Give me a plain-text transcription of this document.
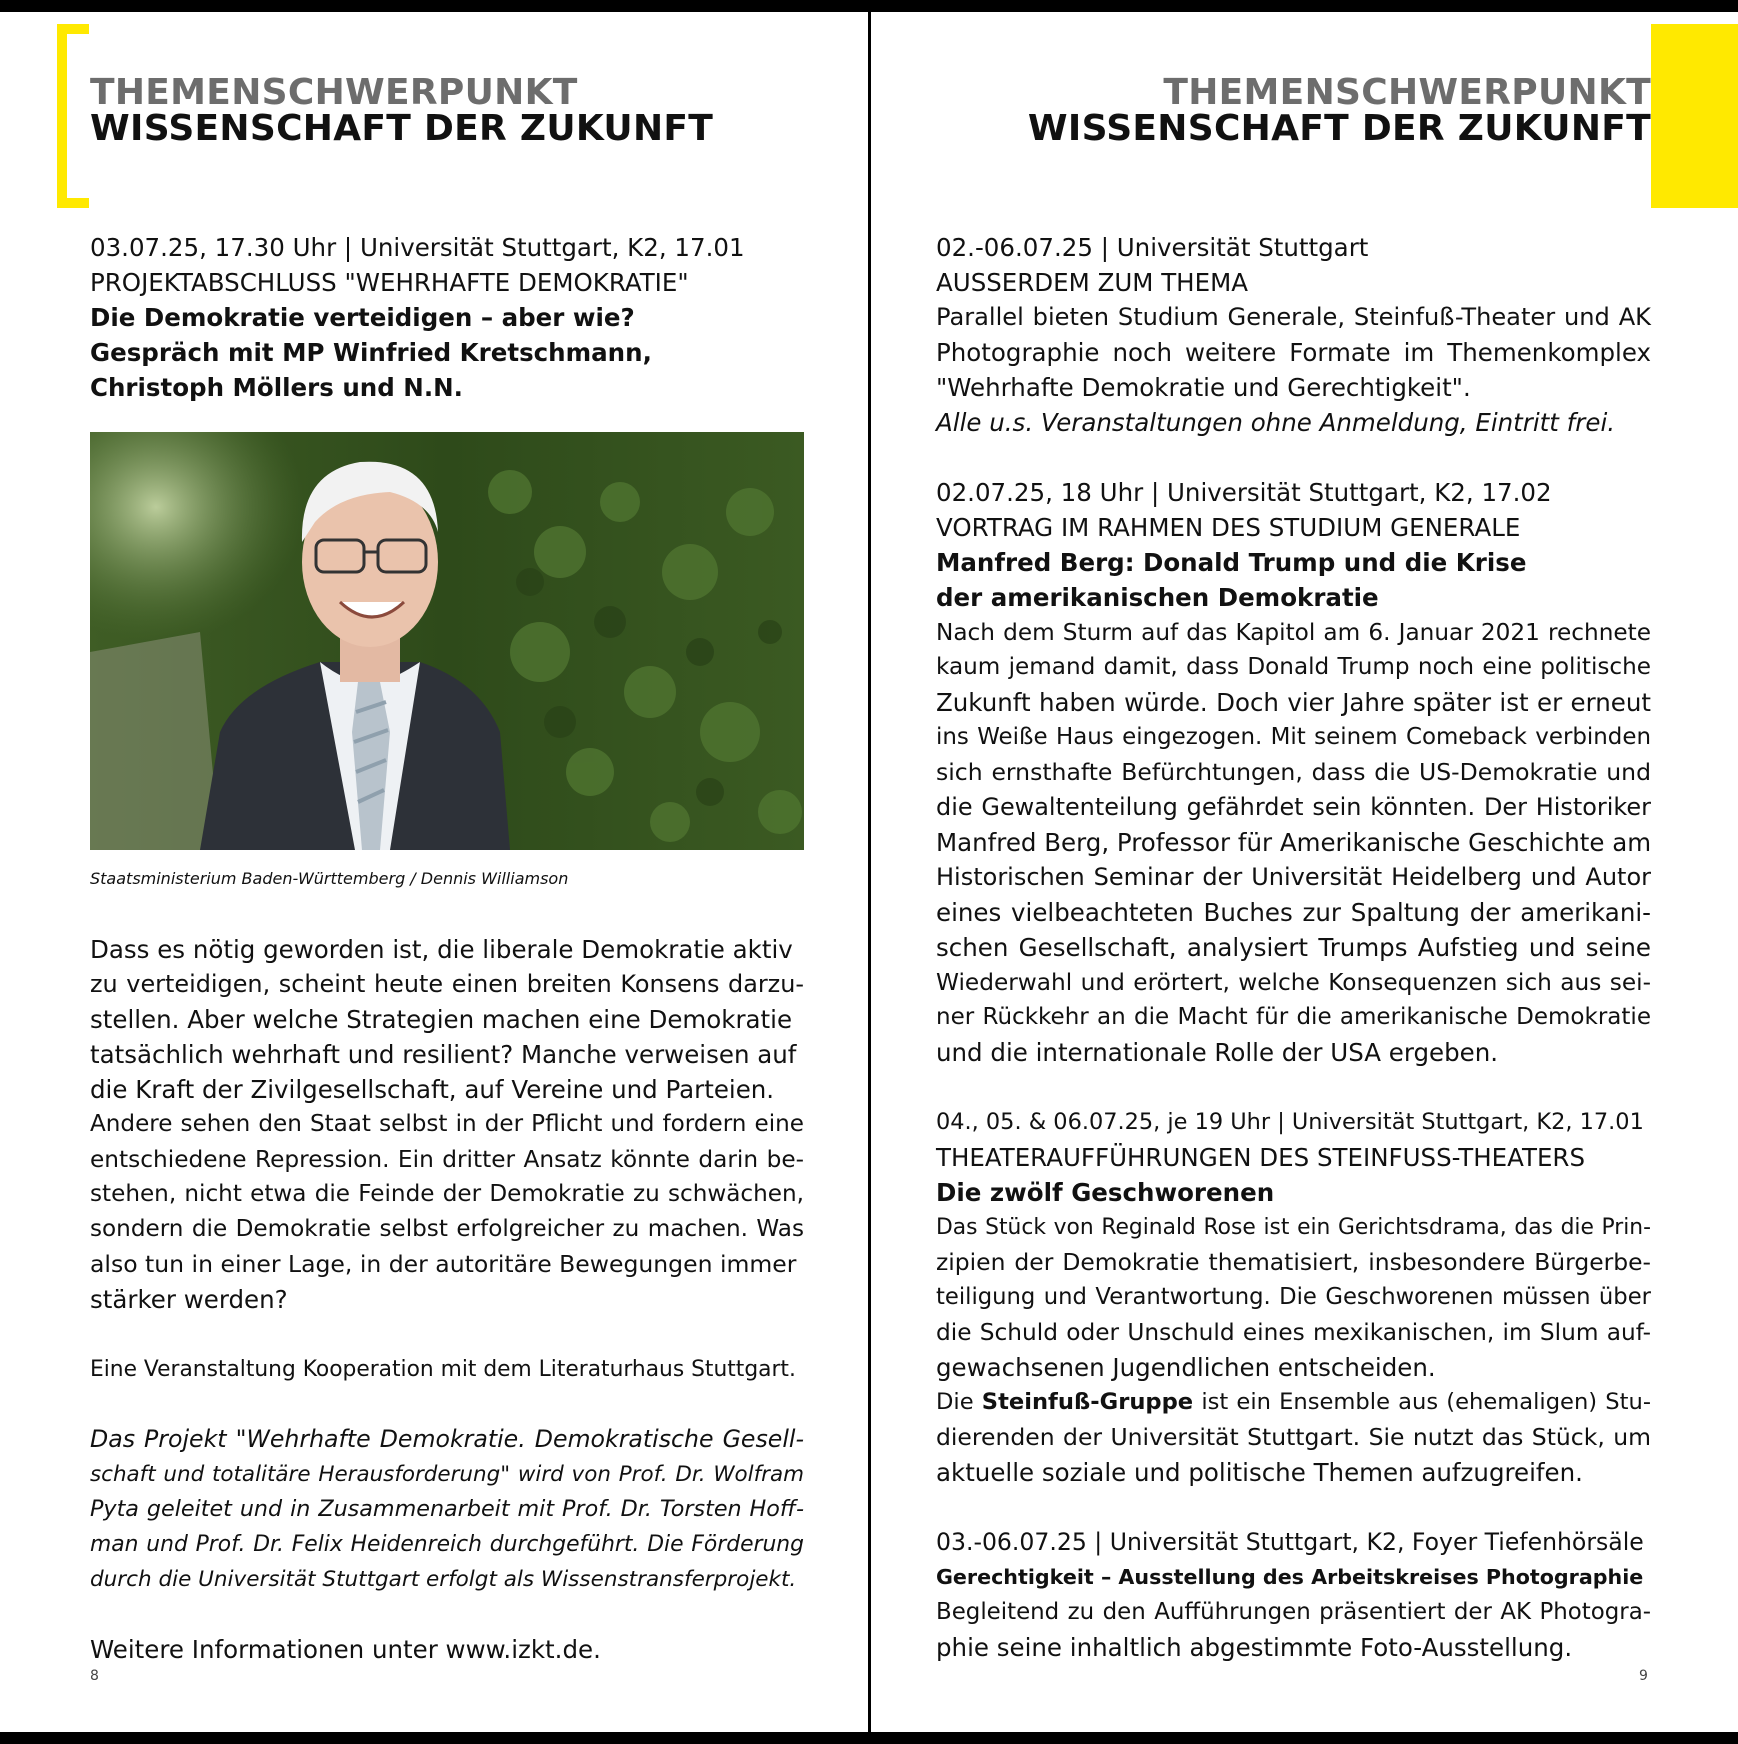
THEMENSCHWERPUNKT
WISSENSCHAFT DER ZUKUNFT
03.07.25, 17.30 Uhr | Universität Stuttgart, K2, 17.01
PROJEKTABSCHLUSS "WEHRHAFTE DEMOKRATIE"
Die Demokratie verteidigen – aber wie?
Gespräch mit MP Winfried Kretschmann,
Christoph Möllers und N.N.
Staatsministerium Baden-Württemberg / Dennis Williamson
Dass es nötig geworden ist, die liberale Demokratie aktiv
zu verteidigen, scheint heute einen breiten Konsens darzu-
stellen. Aber welche Strategien machen eine Demokratie
tatsächlich wehrhaft und resilient? Manche verweisen auf
die Kraft der Zivilgesellschaft, auf Vereine und Parteien.
Andere sehen den Staat selbst in der Pflicht und fordern eine
entschiedene Repression. Ein dritter Ansatz könnte darin be-
stehen, nicht etwa die Feinde der Demokratie zu schwächen,
sondern die Demokratie selbst erfolgreicher zu machen. Was
also tun in einer Lage, in der autoritäre Bewegungen immer
stärker werden?
Eine Veranstaltung Kooperation mit dem Literaturhaus Stuttgart.
Das Projekt "Wehrhafte Demokratie. Demokratische Gesell-
schaft und totalitäre Herausforderung" wird von Prof. Dr. Wolfram
Pyta geleitet und in Zusammenarbeit mit Prof. Dr. Torsten Hoff-
man und Prof. Dr. Felix Heidenreich durchgeführt. Die Förderung
durch die Universität Stuttgart erfolgt als Wissenstransferprojekt.
Weitere Informationen unter www.izkt.de.
8
THEMENSCHWERPUNKT
WISSENSCHAFT DER ZUKUNFT
02.-06.07.25 | Universität Stuttgart
AUSSERDEM ZUM THEMA
Parallel bieten Studium Generale, Steinfuß-Theater und AK
Photographie noch weitere Formate im Themenkomplex
"Wehrhafte Demokratie und Gerechtigkeit".
Alle u.s. Veranstaltungen ohne Anmeldung, Eintritt frei.
02.07.25, 18 Uhr | Universität Stuttgart, K2, 17.02
VORTRAG IM RAHMEN DES STUDIUM GENERALE
Manfred Berg: Donald Trump und die Krise
der amerikanischen Demokratie
Nach dem Sturm auf das Kapitol am 6. Januar 2021 rechnete
kaum jemand damit, dass Donald Trump noch eine politische
Zukunft haben würde. Doch vier Jahre später ist er erneut
ins Weiße Haus eingezogen. Mit seinem Comeback verbinden
sich ernsthafte Befürchtungen, dass die US-Demokratie und
die Gewaltenteilung gefährdet sein könnten. Der Historiker
Manfred Berg, Professor für Amerikanische Geschichte am
Historischen Seminar der Universität Heidelberg und Autor
eines vielbeachteten Buches zur Spaltung der amerikani-
schen Gesellschaft, analysiert Trumps Aufstieg und seine
Wiederwahl und erörtert, welche Konsequenzen sich aus sei-
ner Rückkehr an die Macht für die amerikanische Demokratie
und die internationale Rolle der USA ergeben.
04., 05. & 06.07.25, je 19 Uhr | Universität Stuttgart, K2, 17.01
THEATERAUFFÜHRUNGEN DES STEINFUSS-THEATERS
Die zwölf Geschworenen
Das Stück von Reginald Rose ist ein Gerichtsdrama, das die Prin-
zipien der Demokratie thematisiert, insbesondere Bürgerbe-
teiligung und Verantwortung. Die Geschworenen müssen über
die Schuld oder Unschuld eines mexikanischen, im Slum auf-
gewachsenen Jugendlichen entscheiden.
Die Steinfuß-Gruppe ist ein Ensemble aus (ehemaligen) Stu-
dierenden der Universität Stuttgart. Sie nutzt das Stück, um
aktuelle soziale und politische Themen aufzugreifen.
03.-06.07.25 | Universität Stuttgart, K2, Foyer Tiefenhörsäle
Gerechtigkeit – Ausstellung des Arbeitskreises Photographie
Begleitend zu den Aufführungen präsentiert der AK Photogra-
phie seine inhaltlich abgestimmte Foto-Ausstellung.
9
